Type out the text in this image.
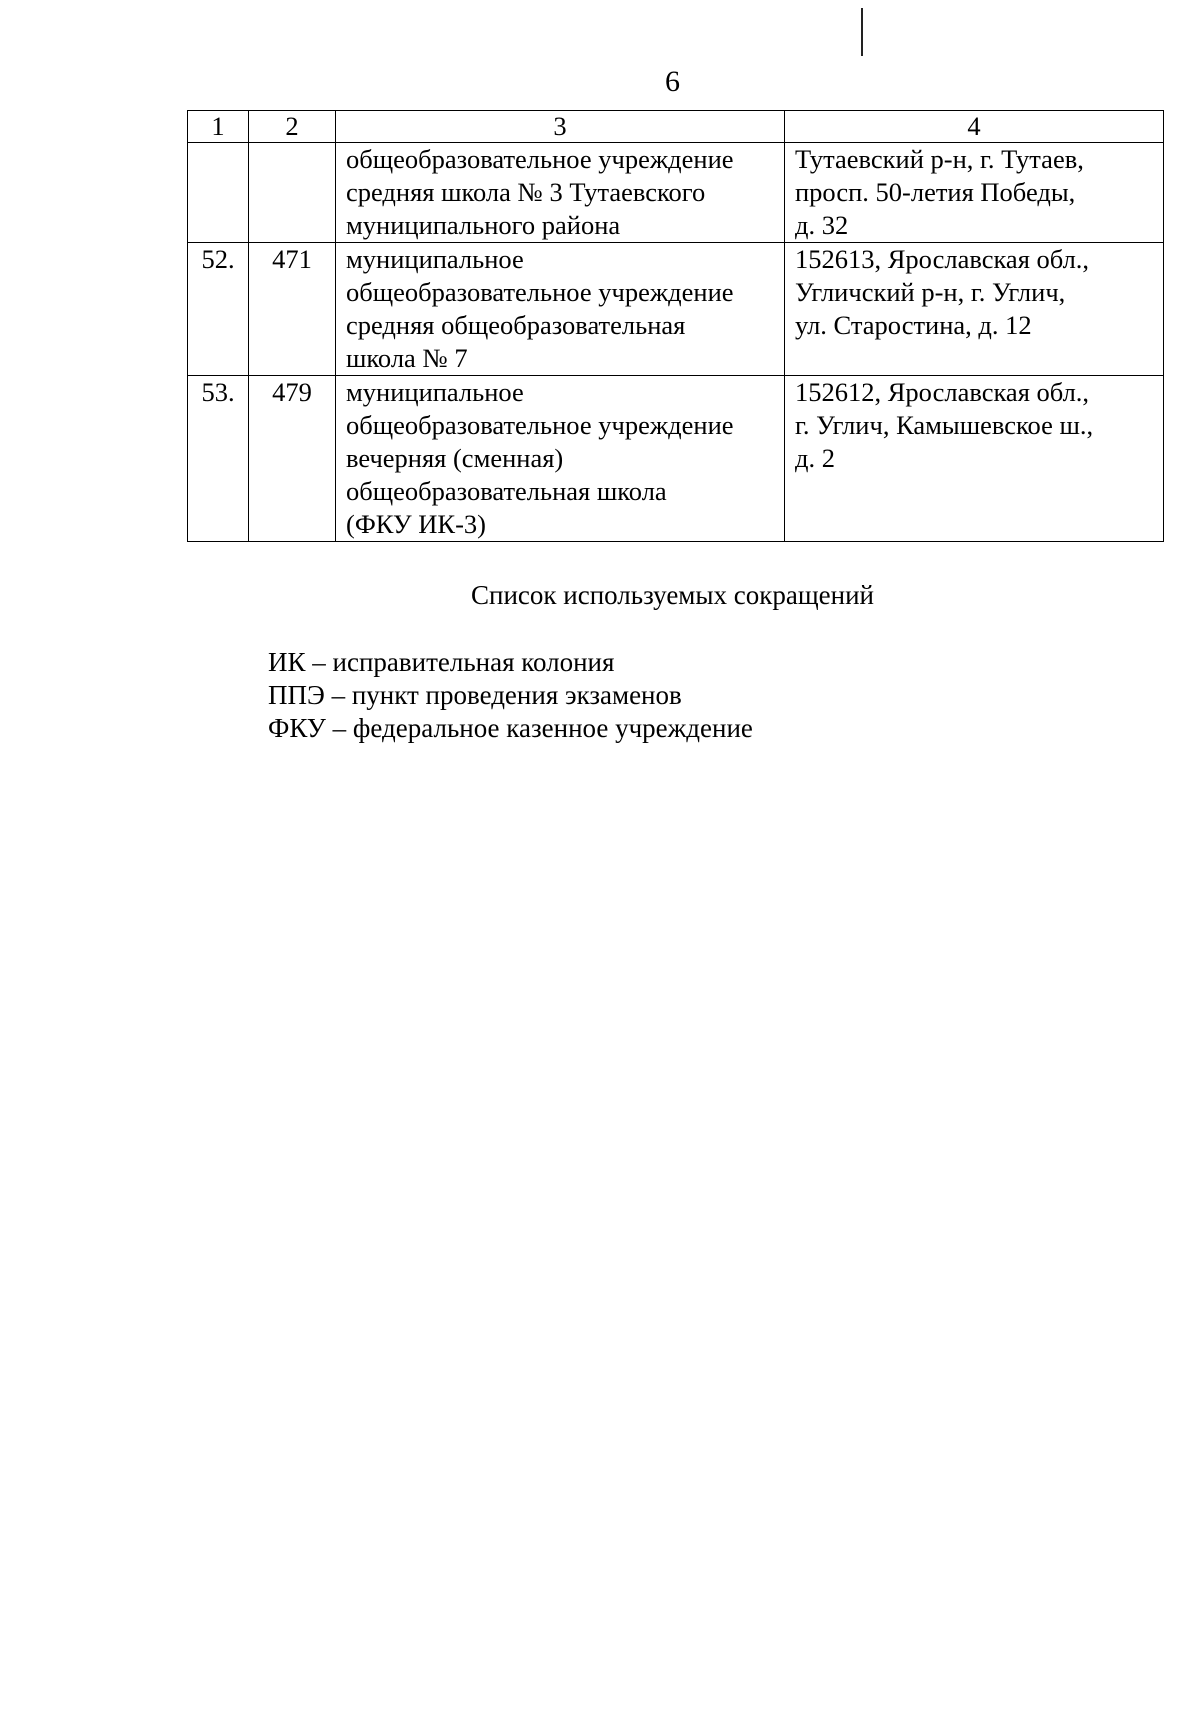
6
1	2	3	4

		общеобразовательное учреждение
средняя школа № 3 Тутаевского
муниципального района	Тутаевский р-н, г. Тутаев,
просп. 50-летия Победы,
д. 32

52.	471	муниципальное
общеобразовательное учреждение
средняя общеобразовательная
школа № 7	152613, Ярославская обл.,
Угличский р-н, г. Углич,
ул. Старостина, д. 12

53.	479	муниципальное
общеобразовательное учреждение
вечерняя (сменная)
общеобразовательная школа
(ФКУ ИК-3)	152612, Ярославская обл.,
г. Углич, Камышевское ш.,
д. 2
Список используемых сокращений
ИК – исправительная колония
ППЭ – пункт проведения экзаменов
ФКУ – федеральное казенное учреждение
